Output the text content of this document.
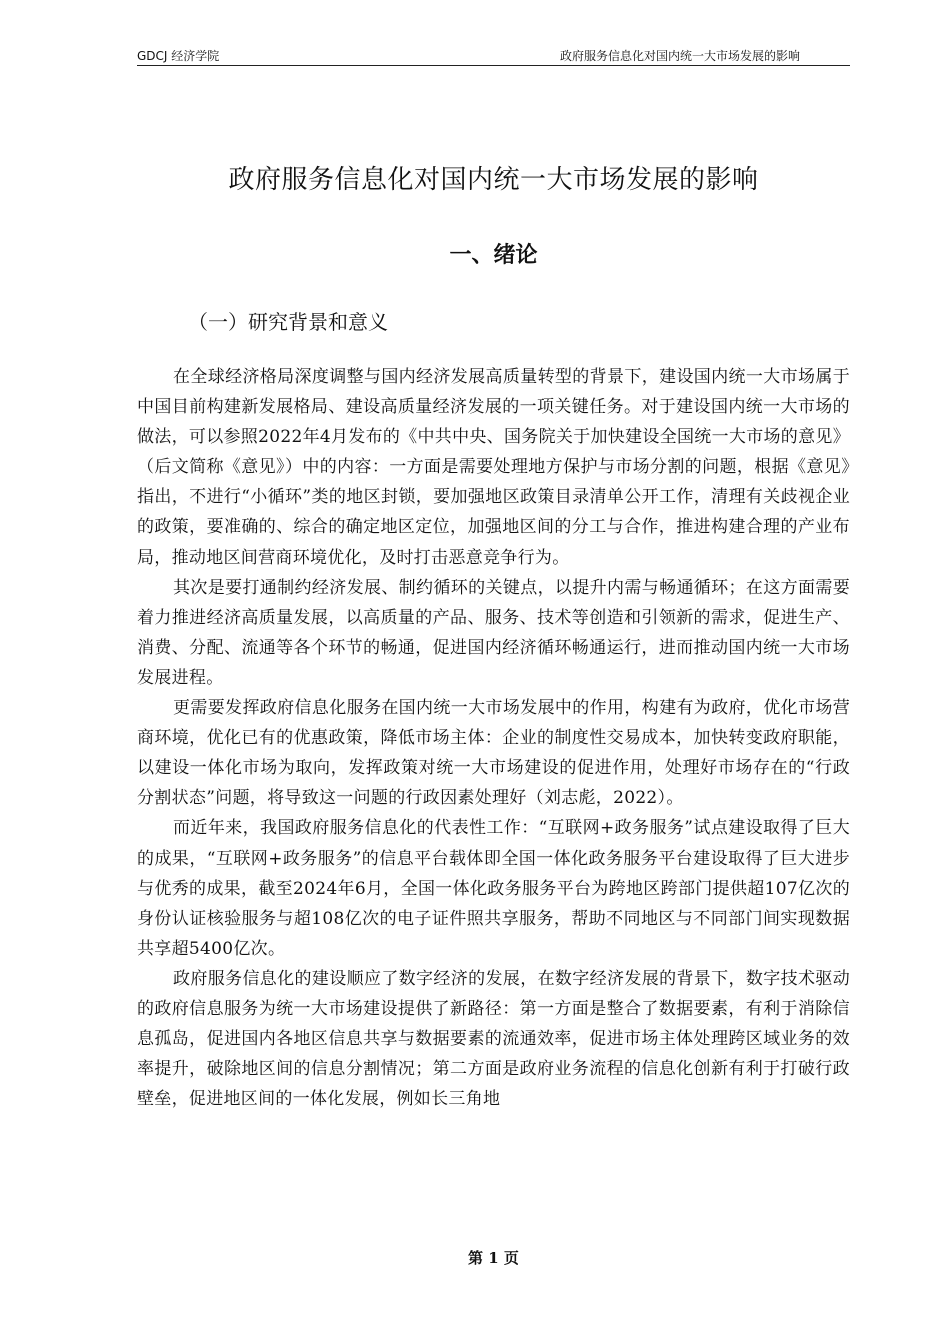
GDCJ 经济学院	政府服务信息化对国内统一大市场发展的影响
政府服务信息化对国内统一大市场发展的影响
一、绪论
（一）研究背景和意义

在全球经济格局深度调整与国内经济发展高质量转型的背景下，建设国内统一大市场属于中国目前构建新发展格局、建设高质量经济发展的一项关键任务。对于建设国内统一大市场的做法，可以参照2022年4月发布的《中共中央、国务院关于加快建设全国统一大市场的意见》（后文简称《意见》）中的内容：一方面是需要处理地方保护与市场分割的问题，根据《意见》指出，不进行“小循环”类的地区封锁，要加强地区政策目录清单公开工作，清理有关歧视企业的政策，要准确的、综合的确定地区定位，加强地区间的分工与合作，推进构建合理的产业布局，推动地区间营商环境优化，及时打击恶意竞争行为。

其次是要打通制约经济发展、制约循环的关键点，以提升内需与畅通循环；在这方面需要着力推进经济高质量发展，以高质量的产品、服务、技术等创造和引领新的需求，促进生产、消费、分配、流通等各个环节的畅通，促进国内经济循环畅通运行，进而推动国内统一大市场发展进程。

更需要发挥政府信息化服务在国内统一大市场发展中的作用，构建有为政府，优化市场营商环境，优化已有的优惠政策，降低市场主体：企业的制度性交易成本，加快转变政府职能，以建设一体化市场为取向，发挥政策对统一大市场建设的促进作用，处理好市场存在的“行政分割状态”问题，将导致这一问题的行政因素处理好（刘志彪，2022）。

而近年来，我国政府服务信息化的代表性工作：“互联网+政务服务”试点建设取得了巨大的成果，“互联网+政务服务”的信息平台载体即全国一体化政务服务平台建设取得了巨大进步与优秀的成果，截至2024年6月，全国一体化政务服务平台为跨地区跨部门提供超107亿次的身份认证核验服务与超108亿次的电子证件照共享服务，帮助不同地区与不同部门间实现数据共享超5400亿次。

政府服务信息化的建设顺应了数字经济的发展，在数字经济发展的背景下，数字技术驱动的政府信息服务为统一大市场建设提供了新路径：第一方面是整合了数据要素，有利于消除信息孤岛，促进国内各地区信息共享与数据要素的流通效率，促进市场主体处理跨区域业务的效率提升，破除地区间的信息分割情况；第二方面是政府业务流程的信息化创新有利于打破行政壁垒，促进地区间的一体化发展，例如长三角地

第 1 页
